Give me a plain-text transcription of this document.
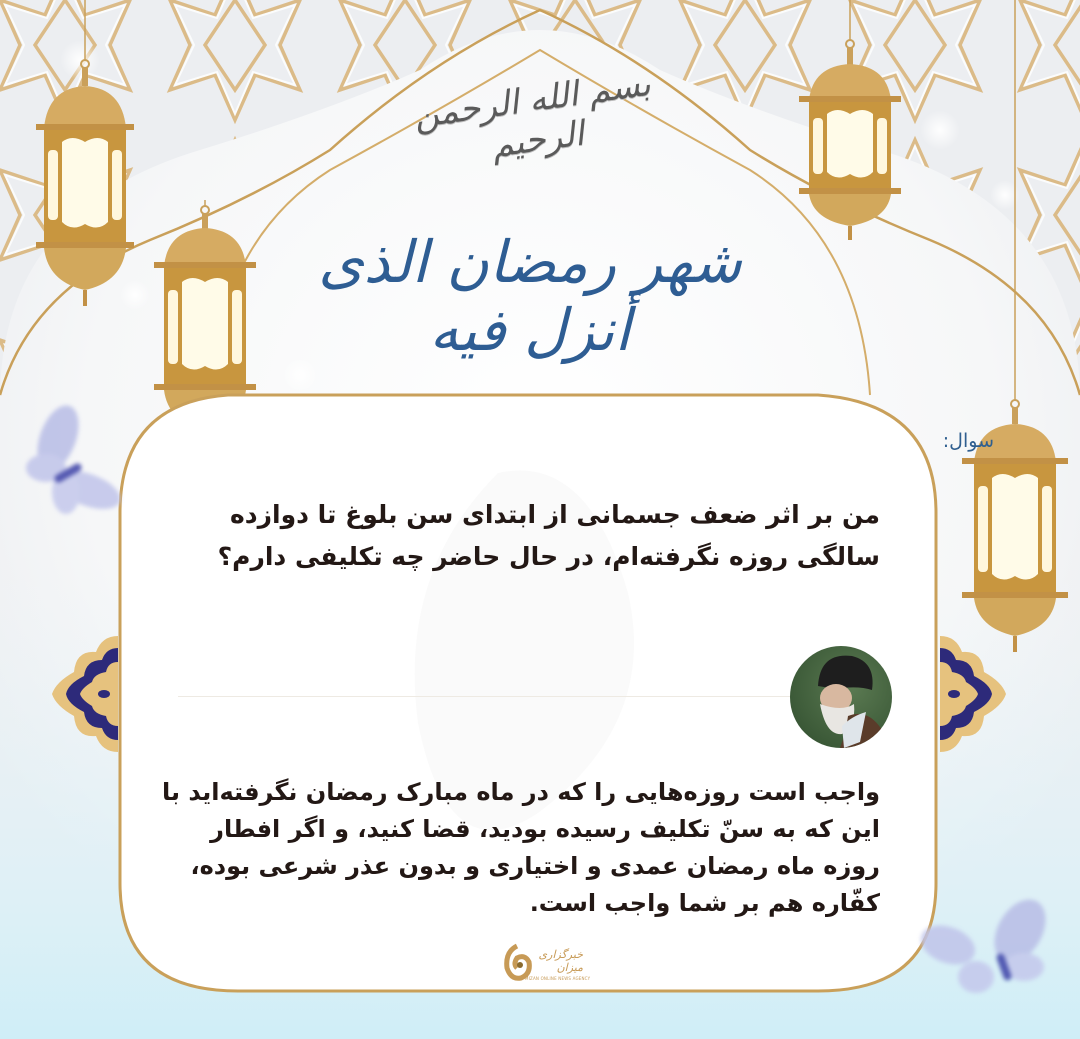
بسم الله الرحمن الرحیم
شهر رمضان الذی أنزل فیه
سوال:
من بر اثر ضعف جسمانی از ابتدای سن بلوغ تا دوازده سالگی روزه نگرفته‌ام، در حال حاضر چه تکلیفی دارم؟
واجب است روزه‌هایی را که در ماه مبارک رمضان نگرفته‌اید با این که به سنّ تکلیف رسیده بودید، قضا کنید، و اگر افطار روزه ماه رمضان عمدی و اختیاری و بدون عذر شرعی بوده، کفّاره هم بر شما واجب است.
خبرگزاری میزان
MIZAN ONLINE NEWS AGENCY
